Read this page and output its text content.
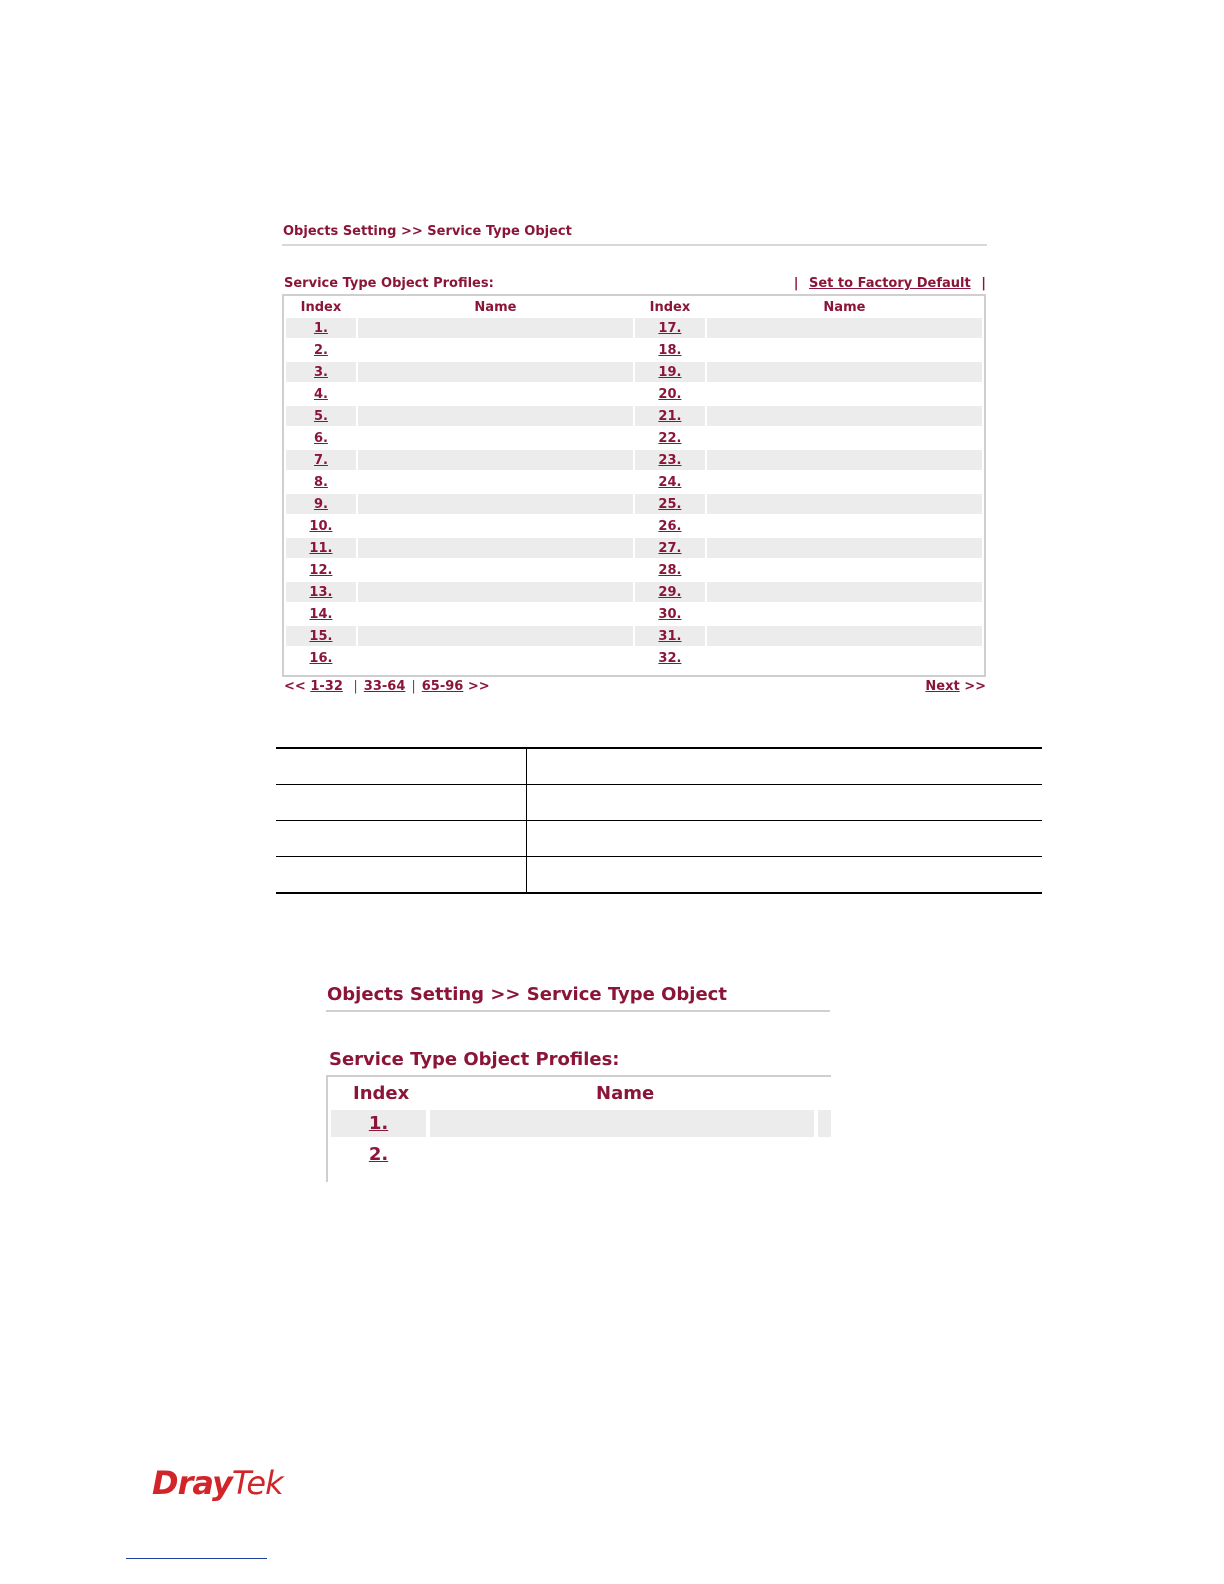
Objects Setting >> Service Type Object
Service Type Object Profiles:	| Set to Factory Default |
Index	Name	Index	Name
1.		17.	
2.		18.	
3.		19.	
4.		20.	
5.		21.	
6.		22.	
7.		23.	
8.		24.	
9.		25.	
10.		26.	
11.		27.	
12.		28.	
13.		29.	
14.		30.	
15.		31.	
16.		32.	
<< 1-32 | 33-64 | 65-96 >>	Next >>
Objects Setting >> Service Type Object
Service Type Object Profiles:
Index	Name
1.
2.
DrayTek
